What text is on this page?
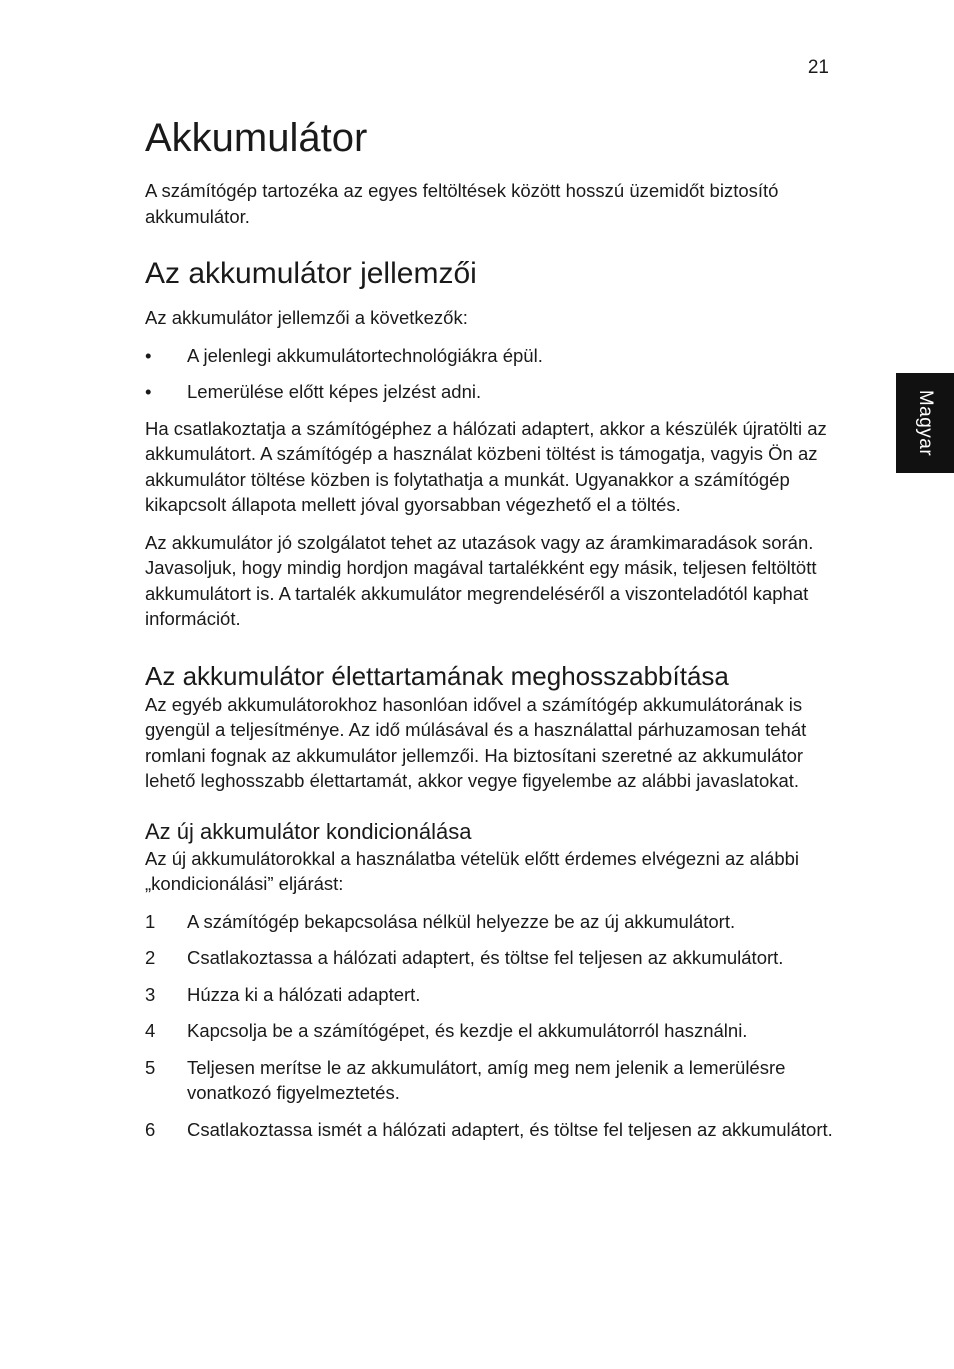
21
Magyar
Akkumulátor

A számítógép tartozéka az egyes feltöltések között hosszú üzemidőt biztosító akkumulátor.

Az akkumulátor jellemzői

Az akkumulátor jellemzői a következők:

• A jelenlegi akkumulátortechnológiákra épül.
• Lemerülése előtt képes jelzést adni.

Ha csatlakoztatja a számítógéphez a hálózati adaptert, akkor a készülék újratölti az akkumulátort. A számítógép a használat közbeni töltést is támogatja, vagyis Ön az akkumulátor töltése közben is folytathatja a munkát. Ugyanakkor a számítógép kikapcsolt állapota mellett jóval gyorsabban végezhető el a töltés.

Az akkumulátor jó szolgálatot tehet az utazások vagy az áramkimaradások során. Javasoljuk, hogy mindig hordjon magával tartalékként egy másik, teljesen feltöltött akkumulátort is. A tartalék akkumulátor megrendeléséről a viszonteladótól kaphat információt.

Az akkumulátor élettartamának meghosszabbítása

Az egyéb akkumulátorokhoz hasonlóan idővel a számítógép akkumulátorának is gyengül a teljesítménye. Az idő múlásával és a használattal párhuzamosan tehát romlani fognak az akkumulátor jellemzői. Ha biztosítani szeretné az akkumulátor lehető leghosszabb élettartamát, akkor vegye figyelembe az alábbi javaslatokat.

Az új akkumulátor kondicionálása

Az új akkumulátorokkal a használatba vételük előtt érdemes elvégezni az alábbi „kondicionálási” eljárást:

1 A számítógép bekapcsolása nélkül helyezze be az új akkumulátort.
2 Csatlakoztassa a hálózati adaptert, és töltse fel teljesen az akkumulátort.
3 Húzza ki a hálózati adaptert.
4 Kapcsolja be a számítógépet, és kezdje el akkumulátorról használni.
5 Teljesen merítse le az akkumulátort, amíg meg nem jelenik a lemerülésre vonatkozó figyelmeztetés.
6 Csatlakoztassa ismét a hálózati adaptert, és töltse fel teljesen az akkumulátort.
